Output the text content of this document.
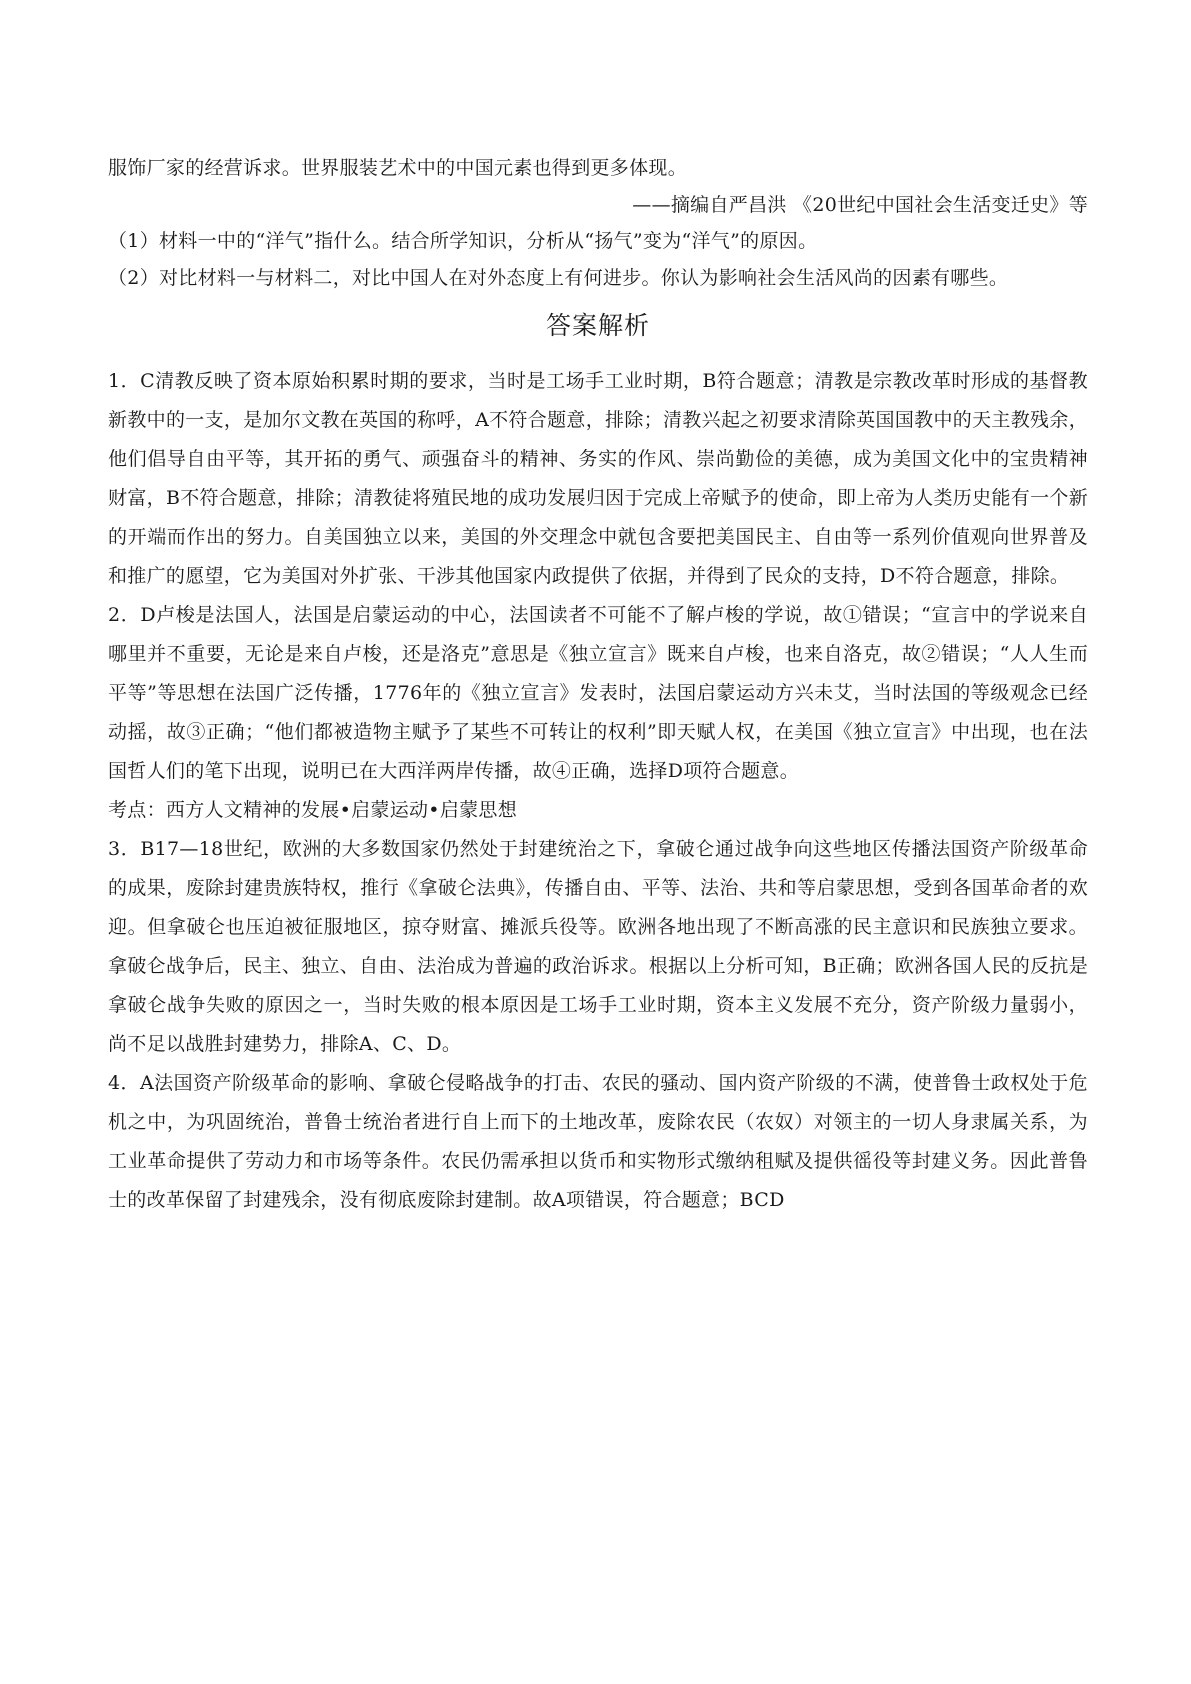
服饰厂家的经营诉求。世界服装艺术中的中国元素也得到更多体现。

——摘编自严昌洪 《20世纪中国社会生活变迁史》等

（1）材料一中的“洋气”指什么。结合所学知识，分析从“扬气”变为“洋气”的原因。

（2）对比材料一与材料二，对比中国人在对外态度上有何进步。你认为影响社会生活风尚的因素有哪些。

答案解析

1．C清教反映了资本原始积累时期的要求，当时是工场手工业时期，B符合题意；清教是宗教改革时形成的基督教新教中的一支，是加尔文教在英国的称呼，A不符合题意，排除；清教兴起之初要求清除英国国教中的天主教残余，他们倡导自由平等，其开拓的勇气、顽强奋斗的精神、务实的作风、崇尚勤俭的美德，成为美国文化中的宝贵精神财富，B不符合题意，排除；清教徒将殖民地的成功发展归因于完成上帝赋予的使命，即上帝为人类历史能有一个新的开端而作出的努力。自美国独立以来，美国的外交理念中就包含要把美国民主、自由等一系列价值观向世界普及和推广的愿望，它为美国对外扩张、干涉其他国家内政提供了依据，并得到了民众的支持，D不符合题意，排除。

2．D卢梭是法国人，法国是启蒙运动的中心，法国读者不可能不了解卢梭的学说，故①错误；“宣言中的学说来自哪里并不重要，无论是来自卢梭，还是洛克”意思是《独立宣言》既来自卢梭，也来自洛克，故②错误；“人人生而平等”等思想在法国广泛传播，1776年的《独立宣言》发表时，法国启蒙运动方兴未艾，当时法国的等级观念已经动摇，故③正确；“他们都被造物主赋予了某些不可转让的权利”即天赋人权，在美国《独立宣言》中出现，也在法国哲人们的笔下出现，说明已在大西洋两岸传播，故④正确，选择D项符合题意。

考点：西方人文精神的发展•启蒙运动•启蒙思想

3．B17—18世纪，欧洲的大多数国家仍然处于封建统治之下，拿破仑通过战争向这些地区传播法国资产阶级革命的成果，废除封建贵族特权，推行《拿破仑法典》，传播自由、平等、法治、共和等启蒙思想，受到各国革命者的欢迎。但拿破仑也压迫被征服地区，掠夺财富、摊派兵役等。欧洲各地出现了不断高涨的民主意识和民族独立要求。拿破仑战争后，民主、独立、自由、法治成为普遍的政治诉求。根据以上分析可知，B正确；欧洲各国人民的反抗是拿破仑战争失败的原因之一，当时失败的根本原因是工场手工业时期，资本主义发展不充分，资产阶级力量弱小，尚不足以战胜封建势力，排除A、C、D。

4．A法国资产阶级革命的影响、拿破仑侵略战争的打击、农民的骚动、国内资产阶级的不满，使普鲁士政权处于危机之中，为巩固统治，普鲁士统治者进行自上而下的土地改革，废除农民（农奴）对领主的一切人身隶属关系，为工业革命提供了劳动力和市场等条件。农民仍需承担以货币和实物形式缴纳租赋及提供徭役等封建义务。因此普鲁士的改革保留了封建残余，没有彻底废除封建制。故A项错误，符合题意；BCD
